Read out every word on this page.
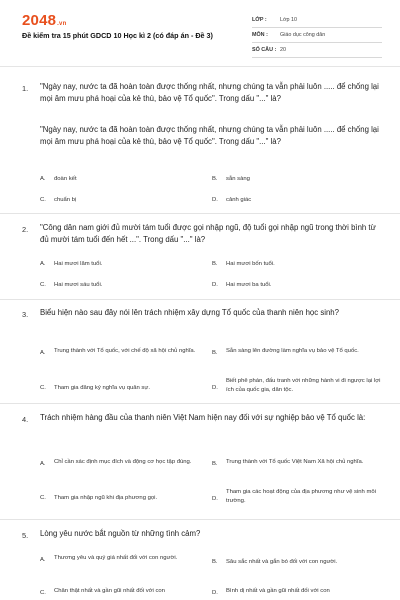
2048.vn
Đề kiểm tra 15 phút GDCD 10 Học kì 2 (có đáp án - Đề 3)
LỚP :	Lớp 10
MÔN :	Giáo dục công dân
SỐ CÂU : 20
1. "Ngày nay, nước ta đã hoàn toàn được thống nhất, nhưng chúng ta vẫn phải luôn ..... để chống lại mọi âm mưu phá hoại của kẻ thù, bảo vệ Tổ quốc". Trong dấu "..." là?
"Ngày nay, nước ta đã hoàn toàn được thống nhất, nhưng chúng ta vẫn phải luôn ..... để chống lại mọi âm mưu phá hoại của kẻ thù, bảo vệ Tổ quốc". Trong dấu "..." là?
A.	đoàn kết	B.	sẵn sàng
C.	chuẩn bị	D.	cảnh giác
2. "Công dân nam giới đủ mười tám tuổi được gọi nhập ngũ, độ tuổi gọi nhập ngũ trong thời bình từ đủ mười tám tuổi đến hết ...". Trong dấu "..." là?
A.	Hai mươi lăm tuổi.	B.	Hai mươi bốn tuổi.
C.	Hai mươi sáu tuổi.	D.	Hai mươi ba tuổi.
3. Biểu hiện nào sau đây nói lên trách nhiệm xây dựng Tổ quốc của thanh niên học sinh?
A.	Trung thành với Tổ quốc, với chế độ xã hội chủ nghĩa.	B.	Sẵn sàng lên đường làm nghĩa vụ bảo vệ Tổ quốc.
C.	Tham gia đăng ký nghĩa vụ quân sự.	D.
Biết phê phán, đấu tranh với những hành vi đi ngược lại lợi ích của quốc gia, dân tộc.
4. Trách nhiệm hàng đầu của thanh niên Việt Nam hiện nay đối với sự nghiệp bảo vệ Tổ quốc là:
A.	Chỉ cần xác định mục đích và động cơ học tập đúng.	B.	Trung thành với Tổ quốc Việt Nam Xã hội chủ nghĩa.
C.	Tham gia nhập ngũ khi địa phương gọi.	D.
Tham gia các hoạt động của địa phương như vệ sinh môi trường.
5. Lòng yêu nước bắt nguồn từ những tình cảm?
A.	Thương yêu và quý giá nhất đối với con người.
B.	Sâu sắc nhất và gắn bó đối với con người.
C.	Chân thật nhất và gần gũi nhất đối với con	D.	Bình dị nhất và gần gũi nhất đối với con
